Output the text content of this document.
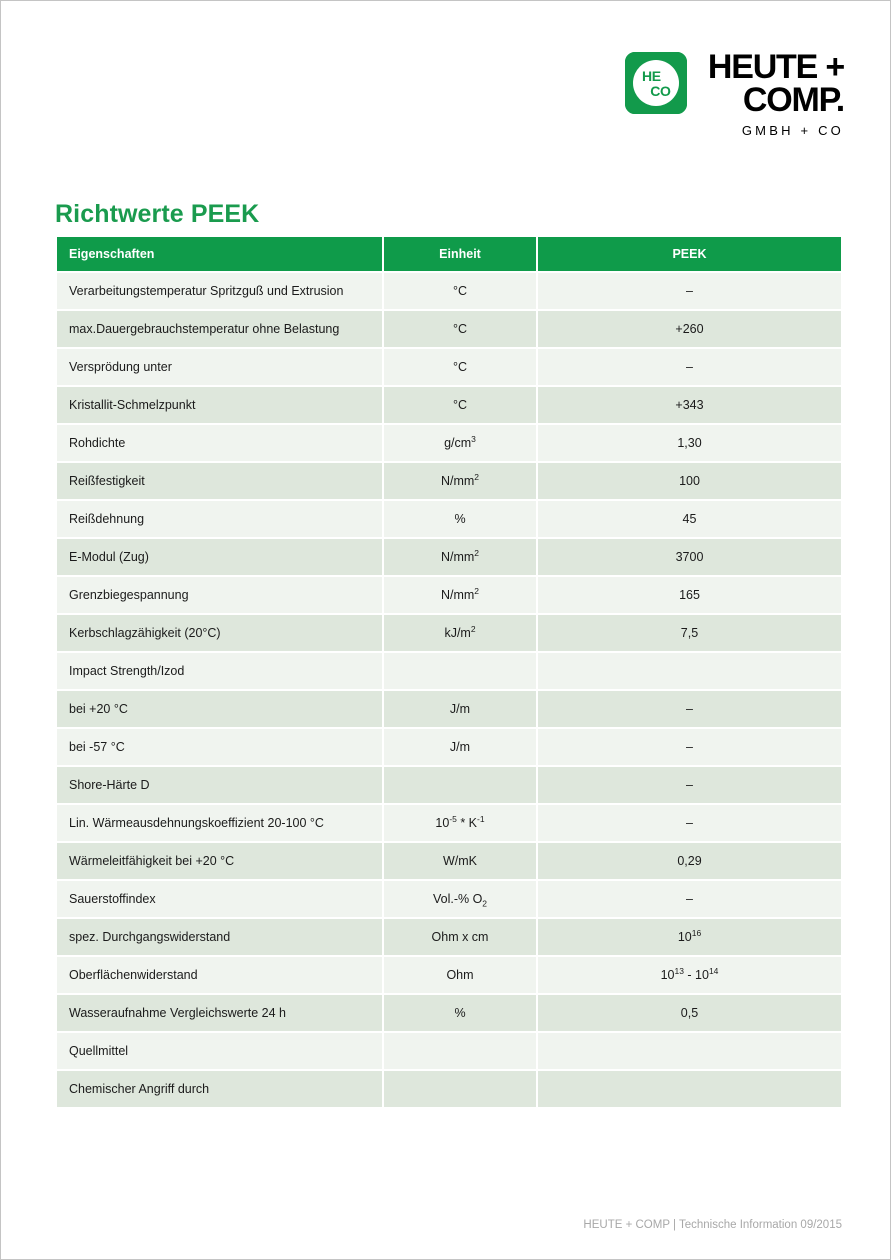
HE
CO
HEUTE +
COMP.
GMBH + CO
Richtwerte PEEK
Eigenschaften	Einheit	PEEK
Verarbeitungstemperatur Spritzguß und Extrusion	°C	–
max.Dauergebrauchstemperatur ohne Belastung	°C	+260
Versprödung unter	°C	–
Kristallit-Schmelzpunkt	°C	+343
Rohdichte	$g/cm^3$	1,30
Reißfestigkeit	$N/mm^2$	100
Reißdehnung	%	45
E-Modul (Zug)	$N/mm^2$	3700
Grenzbiegespannung	$N/mm^2$	165
Kerbschlagzähigkeit (20°C)	$kJ/m^2$	7,5
Impact Strength/Izod		
bei +20 °C	J/m	–
bei -57 °C	J/m	–
Shore-Härte D		–
Lin. Wärmeausdehnungskoeffizient 20-100 °C	$10^{-5} * K^{-1}$	–
Wärmeleitfähigkeit bei +20 °C	W/mK	0,29
Sauerstoffindex	Vol.-% $O_2$	–
spez. Durchgangswiderstand	Ohm x cm	$10^{16}$
Oberflächenwiderstand	Ohm	$10^{13} - 10^{14}$
Wasseraufnahme Vergleichswerte 24 h	%	0,5
Quellmittel		
Chemischer Angriff durch		
HEUTE + COMP | Technische Information 09/2015
